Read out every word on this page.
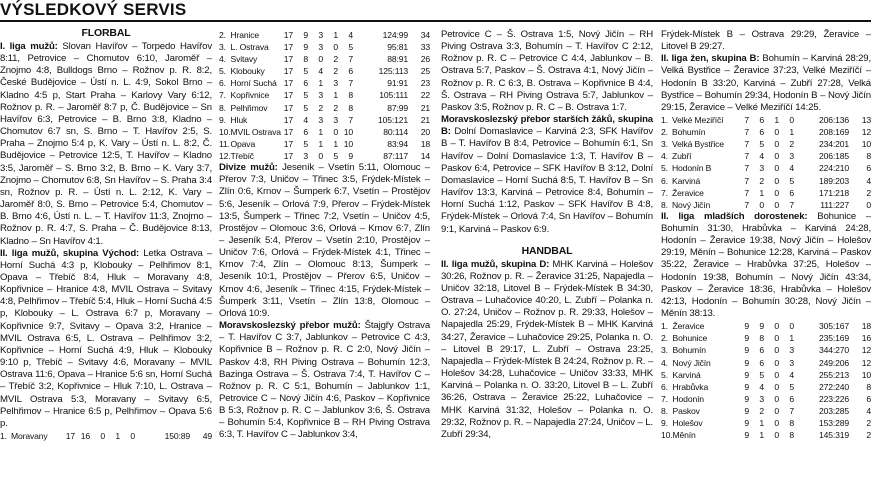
VÝSLEDKOVÝ SERVIS
FLORBAL

I. liga mužů: Slovan Havířov – Torpedo Havířov 8:11, Petrovice – Chomutov 6:10, Jaroměř – Znojmo 4:8, Bulldogs Brno – Rožnov p. R. 8:2, České Budějovice – Ústí n. L. 4:9, Sokol Brno – Kladno 4:5 p, Start Praha – Karlovy Vary 6:12, Rožnov p. R. – Jaroměř 8:7 p, Č. Budějovice – Sn Havířov 6:3, Petrovice – B. Brno 3:8, Kladno – Chomutov 6:7 sn, S. Brno – T. Havířov 2:5, S. Praha – Znojmo 5:4 p, K. Vary – Ústí n. L. 8:2, Č. Budějovice – Petrovice 12:5, T. Havířov – Kladno 3:5, Jaroměř – S. Brno 3:2, B. Brno – K. Vary 3:7, Znojmo – Chomutov 6:8, Sn Havířov – S. Praha 3:4 sn, Rožnov p. R. – Ústí n. L. 2:12, K. Vary – Jaroměř 8:0, S. Brno – Petrovice 5:4, Chomutov – B. Brno 4:6, Ústí n. L. – T. Havířov 11:3, Znojmo – Rožnov p. R. 4:7, S. Praha – Č. Budějovice 8:13, Kladno – Sn Havířov 4:1.

II. liga mužů, skupina Východ: Letka Ostrava – Horní Suchá 4:3 p, Klobouky – Pelhřimov 8:1, Opava – Třebíč 8:4, Hluk – Moravany 4:8, Kopřivnice – Hranice 4:8, MVIL Ostrava – Svitavy 4:8, Pelhřimov – Třebíč 5:4, Hluk – Horní Suchá 4:5 p, Klobouky – L. Ostrava 6:7 p, Moravany – Kopřivnice 9:7, Svitavy – Opava 3:2, Hranice – MVIL Ostrava 6:5, L. Ostrava – Pelhřimov 3:2, Kopřivnice – Horní Suchá 4:9, Hluk – Klobouky 9:10 p, Třebíč – Svitavy 4:6, Moravany – MVIL Ostrava 11:6, Opava – Hranice 5:6 sn, Horní Suchá – Třebíč 3:2, Kopřivnice – Hluk 7:10, L. Ostrava – MVIL Ostrava 5:3, Moravany – Svitavy 6:5, Pelhřimov – Hranice 6:5 p, Pelhřimov – Opava 5:6 p.

1.	Moravany	17	16	0	1	0	150:89	49
2.	Hranice	17	9	3	1	4	124:99	34
3.	L. Ostrava	17	9	3	0	5	95:81	33
4.	Svitavy	17	8	0	2	7	88:91	26
5.	Klobouky	17	5	4	2	6	125:113	25
6.	Horní Suchá	17	6	1	3	7	91:91	23
7.	Kopřivnice	17	5	3	1	8	105:111	22
8.	Pelhřimov	17	5	2	2	8	87:99	21
9.	Hluk	17	4	3	3	7	105:121	21
10.	MVIL Ostrava	17	6	1	0	10	80:114	20
11.	Opava	17	5	1	1	10	83:94	18
12.	Třebíč	17	3	0	5	9	87:117	14

Divize mužů: Jeseník – Vsetín 5:11, Olomouc – Přerov 7:3, Uničov – Třinec 3:5, Frýdek-Místek – Zlín 0:6, Krnov – Šumperk 6:7, Vsetín – Prostějov 5:6, Jeseník – Orlová 7:9, Přerov – Frýdek-Místek 13:5, Šumperk – Třinec 7:2, Vsetín – Uničov 4:5, Prostějov – Olomouc 3:6, Orlová – Krnov 6:7, Zlín – Jeseník 5:4, Přerov – Vsetín 2:10, Prostějov – Uničov 7:6, Orlová – Frýdek-Místek 4:1, Třinec – Krnov 7:4, Zlín – Olomouc 8:13, Šumperk – Jeseník 10:1, Prostějov – Přerov 6:5, Uničov – Krnov 4:6, Jeseník – Třinec 4:15, Frýdek-Místek – Šumperk 3:11, Vsetín – Zlín 13:8, Olomouc – Orlová 10:9.

Moravskoslezský přebor mužů: Štajgřy Ostrava – T. Havířov C 3:7, Jablunkov – Petrovice C 4:3, Kopřivnice B – Rožnov p. R. C 2:0, Nový Jičín – Paskov 4:8, RH Piving Ostrava – Bohumín 12:3, Bazinga Ostrava – Š. Ostrava 7:4, T. Havířov C – Rožnov p. R. C 5:1, Bohumín – Jablunkov 1:1, Petrovice C – Nový Jičín 4:6, Paskov – Kopřivnice B 5:3, Rožnov p. R. C – Jablunkov 3:6, Š. Ostrava – Bohumín 5:4, Kopřivnice B – RH Piving Ostrava 6:3, T. Havířov C – Jablunkov 3:4,

Petrovice C – Š. Ostrava 1:5, Nový Jičín – RH Piving Ostrava 3:3, Bohumín – T. Havířov C 2:12, Rožnov p. R. C – Petrovice C 4:4, Jablunkov – B. Ostrava 5:7, Paskov – Š. Ostrava 4:1, Nový Jičín – Rožnov p. R. C 6:3, B. Ostrava – Kopřivnice B 4:4, Š. Ostrava – RH Piving Ostrava 5:7, Jablunkov – Paskov 3:5, Rožnov p. R. C – B. Ostrava 1:7.

Moravskoslezský přebor starších žáků, skupina B: Dolní Domaslavice – Karviná 2:3, SFK Havířov B – T. Havířov B 8:4, Petrovice – Bohumín 6:1, Sn Havířov – Dolní Domaslavice 1:3, T. Havířov B – Paskov 6:4, Petrovice – SFK Havířov B 3:12, Dolní Domaslavice – Horní Suchá 8:5, T. Havířov B – Sn Havířov 13:3, Karviná – Petrovice 8:4, Bohumín – Horní Suchá 1:12, Paskov – SFK Havířov B 4:8, Frýdek-Místek – Orlová 7:4, Sn Havířov – Bohumín 9:1, Karviná – Paskov 6:9.

HANDBAL

II. liga mužů, skupina D: MHK Karviná – Holešov 30:26, Rožnov p. R. – Žeravice 31:25, Napajedla – Uničov 32:18, Litovel B – Frýdek-Místek B 34:30, Ostrava – Luhačovice 40:20, L. Zubří – Polanka n. O. 27:24, Uničov – Rožnov p. R. 29:33, Holešov – Napajedla 25:29, Frýdek-Místek B – MHK Karviná 34:27, Žeravice – Luhačovice 29:25, Polanka n. O. – Litovel B 29:17, L. Zubří – Ostrava 23:25, Napajedla – Frýdek-Místek B 24:24, Rožnov p. R. – Holešov 34:28, Luhačovice – Uničov 33:33, MHK Karviná – Polanka n. O. 33:20, Litovel B – L. Zubří 36:26, Ostrava – Žeravice 25:22, Luhačovice – MHK Karviná 31:32, Holešov – Polanka n. O. 29:32, Rožnov p. R. – Napajedla 27:24, Uničov – L. Zubří 29:34,

Frýdek-Místek B – Ostrava 29:29, Žeravice – Litovel B 29:27.

II. liga žen, skupina B: Bohumín – Karviná 28:29, Velká Bystřice – Žeravice 37:23, Velké Meziříčí – Hodonín B 33:20, Karviná – Zubří 27:28, Velká Bystřice – Bohumín 29:34, Hodonín B – Nový Jičín 29:15, Žeravice – Velké Meziříčí 14:25.

1.	Velké Meziříčí	7	6	1	0	206:136	13
2.	Bohumín	7	6	0	1	208:169	12
3.	Velká Bystřice	7	5	0	2	234:201	10
4.	Zubří	7	4	0	3	206:185	8
5.	Hodonín B	7	3	0	4	224:210	6
6.	Karviná	7	2	0	5	189:203	4
7.	Žeravice	7	1	0	6	171:218	2
8.	Nový Jičín	7	0	0	7	111:227	0

II. liga mladších dorostenek: Bohunice – Bohumín 31:30, Hrabůvka – Karviná 24:28, Hodonín – Žeravice 19:38, Nový Jičín – Holešov 29:19, Měnín – Bohunice 12:28, Karviná – Paskov 35:22, Žeravice – Hrabůvka 37:25, Holešov – Hodonín 19:38, Bohumín – Nový Jičín 43:34, Paskov – Žeravice 18:36, Hrabůvka – Holešov 42:13, Hodonín – Bohumín 30:28, Nový Jičín – Měnín 38:13.

1.	Žeravice	9	9	0	0	305:167	18
2.	Bohunice	9	8	0	1	235:169	16
3.	Bohumín	9	6	0	3	344:270	12
4.	Nový Jičín	9	6	0	3	249:206	12
5.	Karviná	9	5	0	4	255:213	10
6.	Hrabůvka	9	4	0	5	272:240	8
7.	Hodonín	9	3	0	6	223:226	6
8.	Paskov	9	2	0	7	203:285	4
9.	Holešov	9	1	0	8	153:289	2
10.	Měnín	9	1	0	8	145:319	2
